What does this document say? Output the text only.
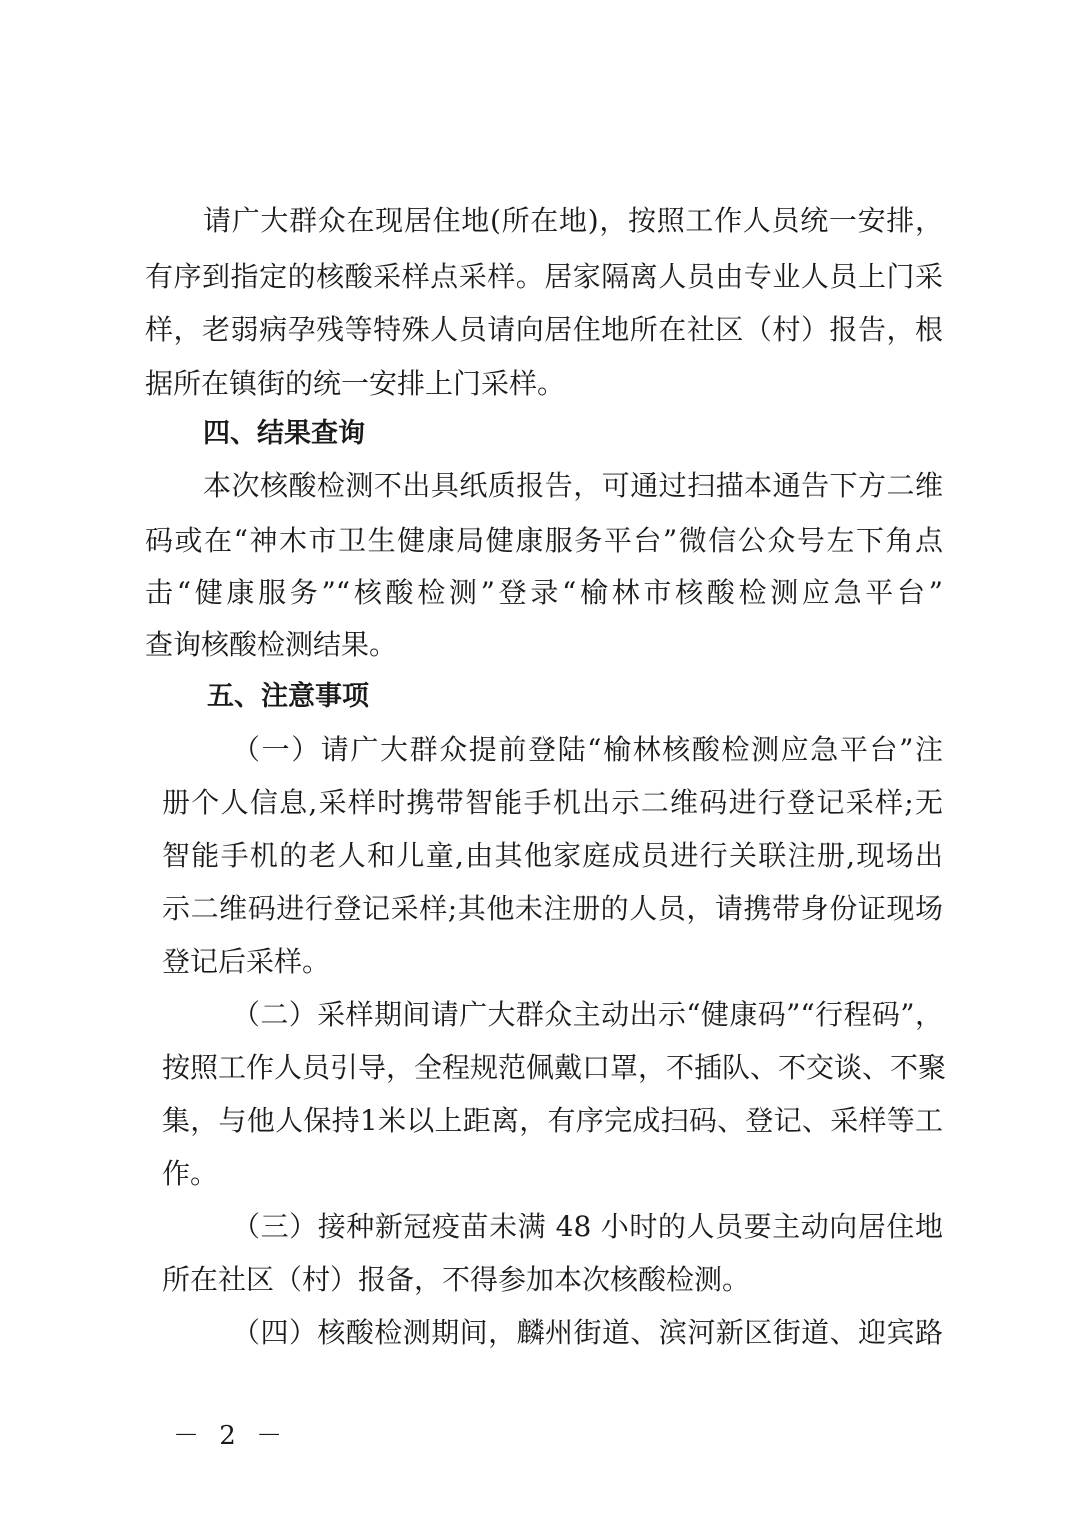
请广大群众在现居住地(所在地)，按照工作人员统一安排，
有序到指定的核酸采样点采样。居家隔离人员由专业人员上门采
样，老弱病孕残等特殊人员请向居住地所在社区（村）报告，根
据所在镇街的统一安排上门采样。
四、结果查询
本次核酸检测不出具纸质报告，可通过扫描本通告下方二维
码或在“神木市卫生健康局健康服务平台”微信公众号左下角点
击“健康服务”“核酸检测”登录“榆林市核酸检测应急平台”
查询核酸检测结果。
五、注意事项
（一）请广大群众提前登陆“榆林核酸检测应急平台”注
册个人信息,采样时携带智能手机出示二维码进行登记采样;无
智能手机的老人和儿童,由其他家庭成员进行关联注册,现场出
示二维码进行登记采样;其他未注册的人员，请携带身份证现场
登记后采样。
（二）采样期间请广大群众主动出示“健康码”“行程码”，
按照工作人员引导，全程规范佩戴口罩，不插队、不交谈、不聚
集，与他人保持1米以上距离，有序完成扫码、登记、采样等工
作。
（三）接种新冠疫苗未满 48 小时的人员要主动向居住地
所在社区（村）报备，不得参加本次核酸检测。
（四）核酸检测期间，麟州街道、滨河新区街道、迎宾路
－ 2 －
